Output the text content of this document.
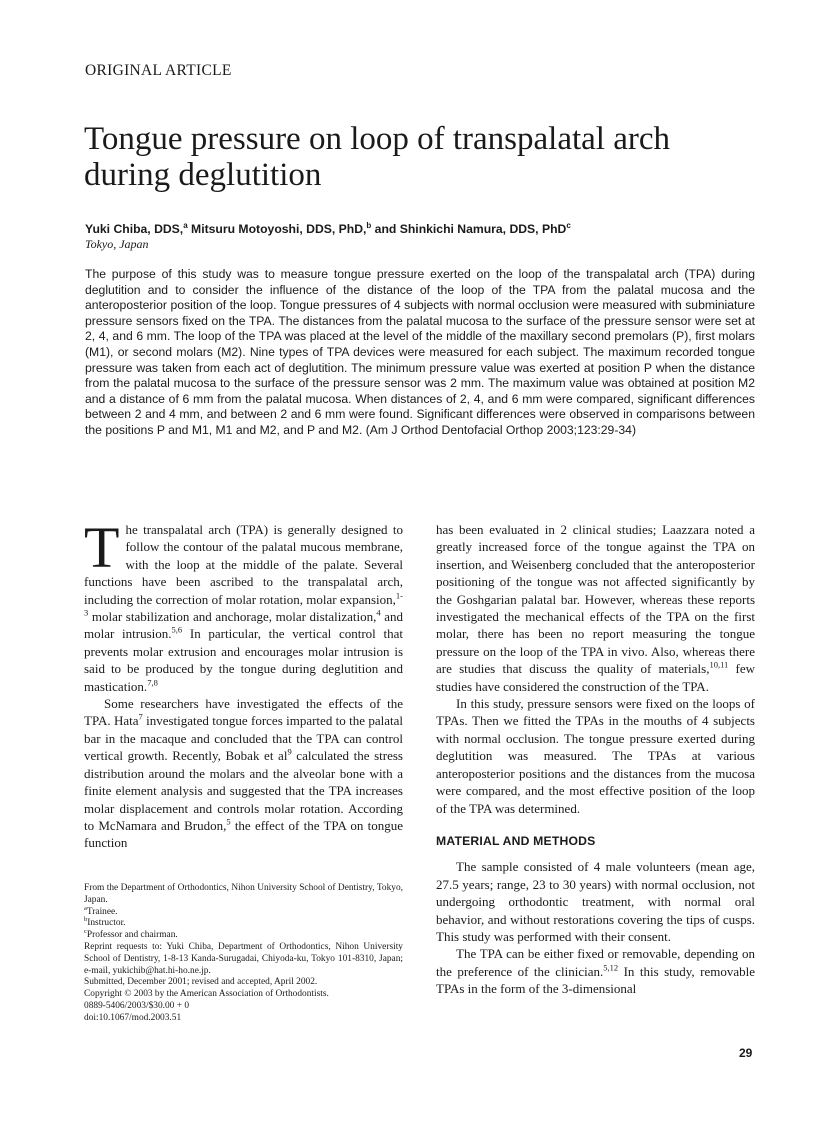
ORIGINAL ARTICLE
Tongue pressure on loop of transpalatal arch during deglutition
Yuki Chiba, DDS,$^a$ Mitsuru Motoyoshi, DDS, PhD,$^b$ and Shinkichi Namura, DDS, PhD$^c$
Tokyo, Japan

The purpose of this study was to measure tongue pressure exerted on the loop of the transpalatal arch (TPA) during deglutition and to consider the influence of the distance of the loop of the TPA from the palatal mucosa and the anteroposterior position of the loop. Tongue pressures of 4 subjects with normal occlusion were measured with subminiature pressure sensors fixed on the TPA. The distances from the palatal mucosa to the surface of the pressure sensor were set at 2, 4, and 6 mm. The loop of the TPA was placed at the level of the middle of the maxillary second premolars (P), first molars (M1), or second molars (M2). Nine types of TPA devices were measured for each subject. The maximum recorded tongue pressure was taken from each act of deglutition. The minimum pressure value was exerted at position P when the distance from the palatal mucosa to the surface of the pressure sensor was 2 mm. The maximum value was obtained at position M2 and a distance of 6 mm from the palatal mucosa. When distances of 2, 4, and 6 mm were compared, significant differences between 2 and 4 mm, and between 2 and 6 mm were found. Significant differences were observed in comparisons between the positions P and M1, M1 and M2, and P and M2. (Am J Orthod Dentofacial Orthop 2003;123:29-34)

The transpalatal arch (TPA) is generally designed to follow the contour of the palatal mucous membrane, with the loop at the middle of the palate. Several functions have been ascribed to the transpalatal arch, including the correction of molar rotation, molar expansion,$^{1-3}$ molar stabilization and anchorage, molar distalization,$^4$ and molar intrusion.$^{5,6}$ In particular, the vertical control that prevents molar extrusion and encourages molar intrusion is said to be produced by the tongue during deglutition and mastication.$^{7,8}$

Some researchers have investigated the effects of the TPA. Hata$^7$ investigated tongue forces imparted to the palatal bar in the macaque and concluded that the TPA can control vertical growth. Recently, Bobak et $al^9$ calculated the stress distribution around the molars and the alveolar bone with a finite element analysis and suggested that the TPA increases molar displacement and controls molar rotation. According to McNamara and Brudon,$^5$ the effect of the TPA on tongue function

has been evaluated in 2 clinical studies; Laazzara noted a greatly increased force of the tongue against the TPA on insertion, and Weisenberg concluded that the anteroposterior positioning of the tongue was not affected significantly by the Goshgarian palatal bar. However, whereas these reports investigated the mechanical effects of the TPA on the first molar, there has been no report measuring the tongue pressure on the loop of the TPA in vivo. Also, whereas there are studies that discuss the quality of materials,$^{10,11}$ few studies have considered the construction of the TPA.

In this study, pressure sensors were fixed on the loops of TPAs. Then we fitted the TPAs in the mouths of 4 subjects with normal occlusion. The tongue pressure exerted during deglutition was measured. The TPAs at various anteroposterior positions and the distances from the mucosa were compared, and the most effective position of the loop of the TPA was determined.

MATERIAL AND METHODS

The sample consisted of 4 male volunteers (mean age, 27.5 years; range, 23 to 30 years) with normal occlusion, not undergoing orthodontic treatment, with normal oral behavior, and without restorations covering the tips of cusps. This study was performed with their consent.

The TPA can be either fixed or removable, depending on the preference of the clinician.$^{5,12}$ In this study, removable TPAs in the form of the 3-dimensional

From the Department of Orthodontics, Nihon University School of Dentistry, Tokyo, Japan.
$^a$Trainee.
$^b$Instructor.
$^c$Professor and chairman.
Reprint requests to: Yuki Chiba, Department of Orthodontics, Nihon University School of Dentistry, 1-8-13 Kanda-Surugadai, Chiyoda-ku, Tokyo 101-8310, Japan; e-mail, yukichib@hat.hi-ho.ne.jp.
Submitted, December 2001; revised and accepted, April 2002.
Copyright © 2003 by the American Association of Orthodontists.
0889-5406/2003/$30.00 + 0
doi:10.1067/mod.2003.51
29
